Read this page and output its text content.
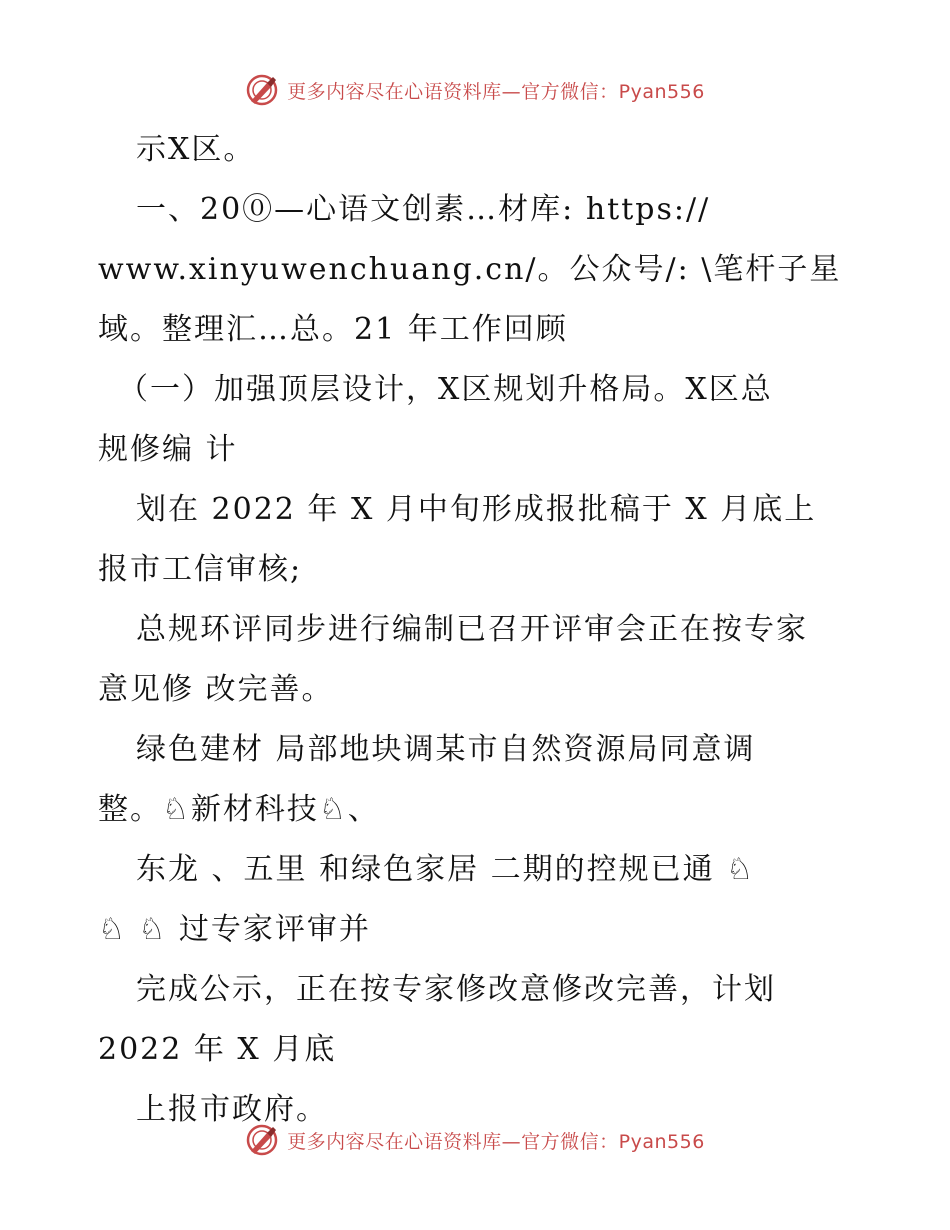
更多内容尽在心语资料库—官方微信：Pyan556
示X区。
一、20⓪—心语文创素…材库: https://
www.xinyuwenchuang.cn/。公众号/: \笔杆子星
域。整理汇…总。21 年工作回顾
（一）加强顶层设计，X区规划升格局。X区总
规修编 计
划在 2022 年 X 月中旬形成报批稿于 X 月底上
报市工信审核;
总规环评同步进行编制已召开评审会正在按专家
意见修 改完善。
绿色建材 局部地块调某市自然资源局同意调
整。♘新材科技♘、
东龙 、五里 和绿色家居 二期的控规已通 ♘
♘ ♘ 过专家评审并
完成公示，正在按专家修改意修改完善，计划
2022 年 X 月底
上报市政府。
更多内容尽在心语资料库—官方微信：Pyan556
